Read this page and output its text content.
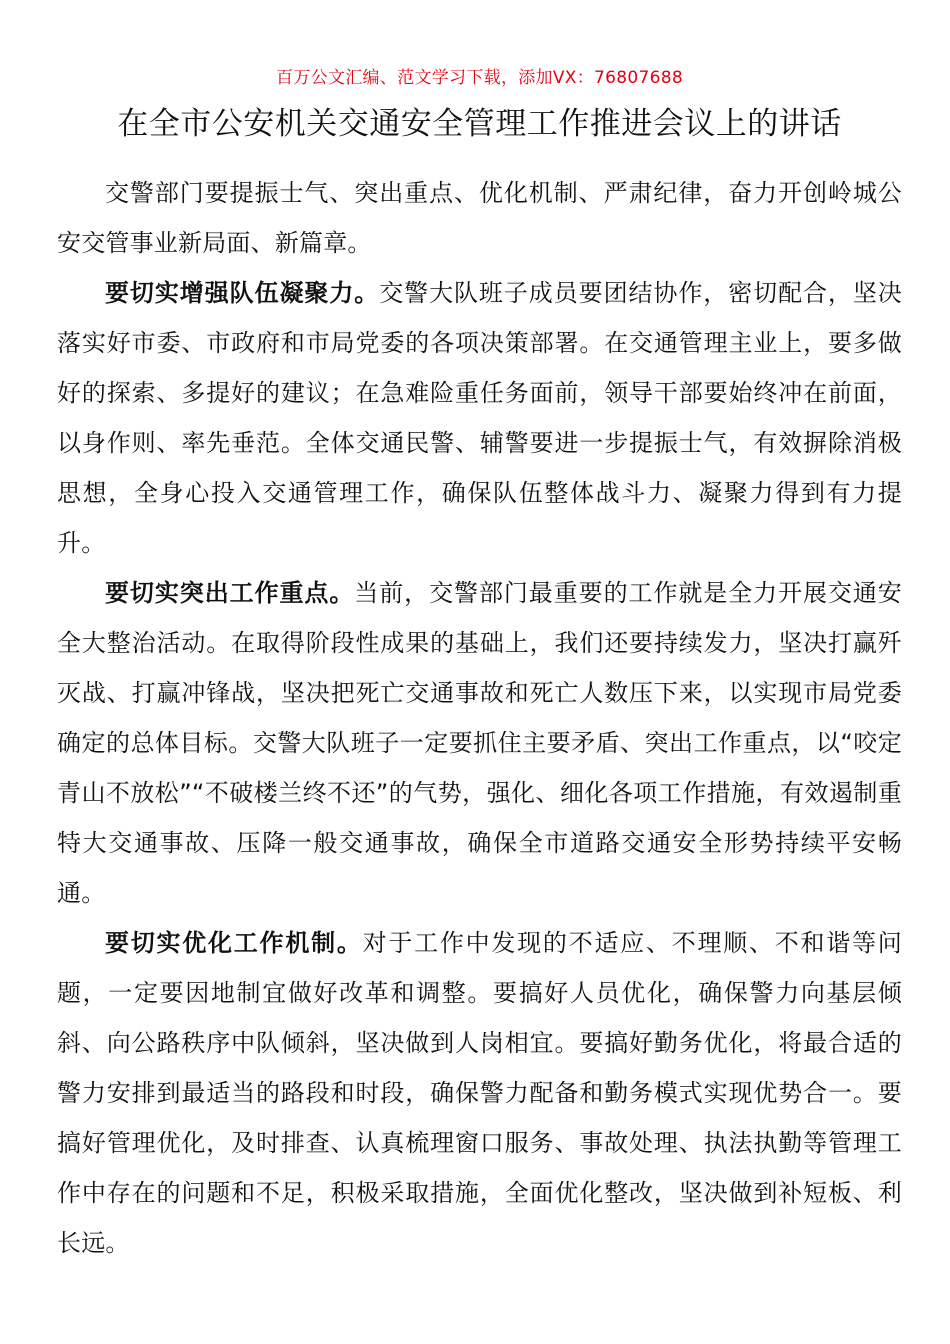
百万公文汇编、范文学习下载，添加VX：76807688
在全市公安机关交通安全管理工作推进会议上的讲话

交警部门要提振士气、突出重点、优化机制、严肃纪律，奋力开创岭城公安交管事业新局面、新篇章。

要切实增强队伍凝聚力。交警大队班子成员要团结协作，密切配合，坚决落实好市委、市政府和市局党委的各项决策部署。在交通管理主业上，要多做好的探索、多提好的建议；在急难险重任务面前，领导干部要始终冲在前面，以身作则、率先垂范。全体交通民警、辅警要进一步提振士气，有效摒除消极思想，全身心投入交通管理工作，确保队伍整体战斗力、凝聚力得到有力提升。

要切实突出工作重点。当前，交警部门最重要的工作就是全力开展交通安全大整治活动。在取得阶段性成果的基础上，我们还要持续发力，坚决打赢歼灭战、打赢冲锋战，坚决把死亡交通事故和死亡人数压下来，以实现市局党委确定的总体目标。交警大队班子一定要抓住主要矛盾、突出工作重点，以“咬定青山不放松”“不破楼兰终不还”的气势，强化、细化各项工作措施，有效遏制重特大交通事故、压降一般交通事故，确保全市道路交通安全形势持续平安畅通。

要切实优化工作机制。对于工作中发现的不适应、不理顺、不和谐等问题，一定要因地制宜做好改革和调整。要搞好人员优化，确保警力向基层倾斜、向公路秩序中队倾斜，坚决做到人岗相宜。要搞好勤务优化，将最合适的警力安排到最适当的路段和时段，确保警力配备和勤务模式实现优势合一。要搞好管理优化，及时排查、认真梳理窗口服务、事故处理、执法执勤等管理工作中存在的问题和不足，积极采取措施，全面优化整改，坚决做到补短板、利长远。
